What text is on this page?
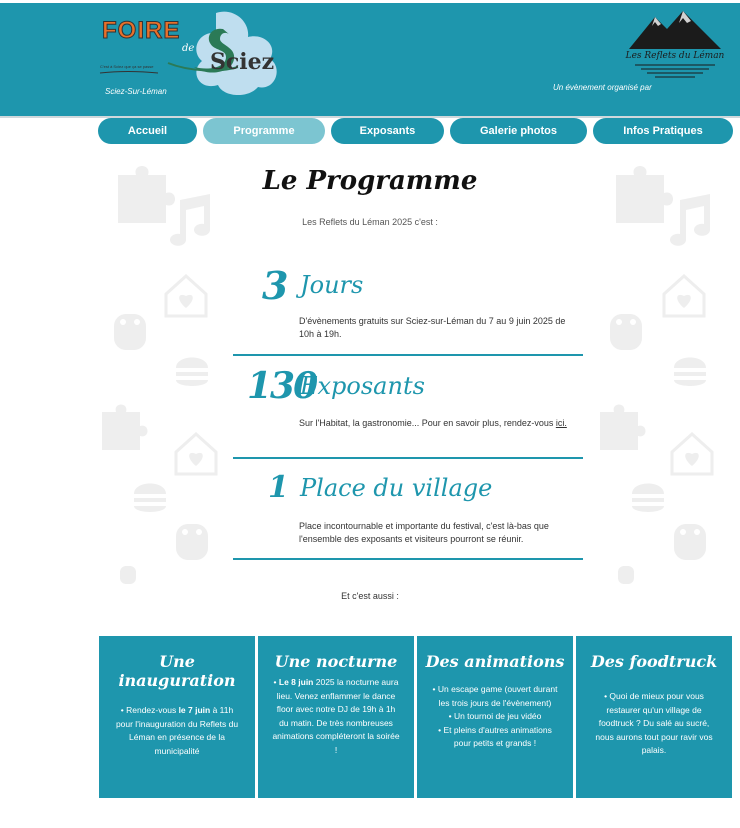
FOIRE
de
Sciez
C'est à Sciez que ça se passe
Sciez-Sur-Léman
Les Reflets du Léman
Un évènement organisé par
Accueil	Programme	Exposants	Galerie photos	Infos Pratiques
Le Programme

Les Reflets du Léman 2025 c'est :

3 Jours
D'évènements gratuits sur Sciez-sur-Léman du 7 au 9 juin 2025 de 10h à 19h.
130
Exposants
Sur l'Habitat, la gastronomie... Pour en savoir plus, rendez-vous ici.
1 Place du village
Place incontournable et importante du festival, c'est là-bas que l'ensemble des exposants et visiteurs pourront se réunir.

Et c'est aussi :

Une inauguration
• Rendez-vous le 7 juin à 11h pour l'inauguration du Reflets du Léman en présence de la municipalité
Une nocturne
• Le 8 juin 2025 la nocturne aura lieu. Venez enflammer le dance floor avec notre DJ de 19h à 1h du matin. De très nombreuses animations compléteront la soirée !
Des animations
• Un escape game (ouvert durant les trois jours de l'évènement)
• Un tournoi de jeu vidéo
• Et pleins d'autres animations pour petits et grands !
Des foodtruck
• Quoi de mieux pour vous restaurer qu'un village de foodtruck ? Du salé au sucré, nous aurons tout pour ravir vos palais.
